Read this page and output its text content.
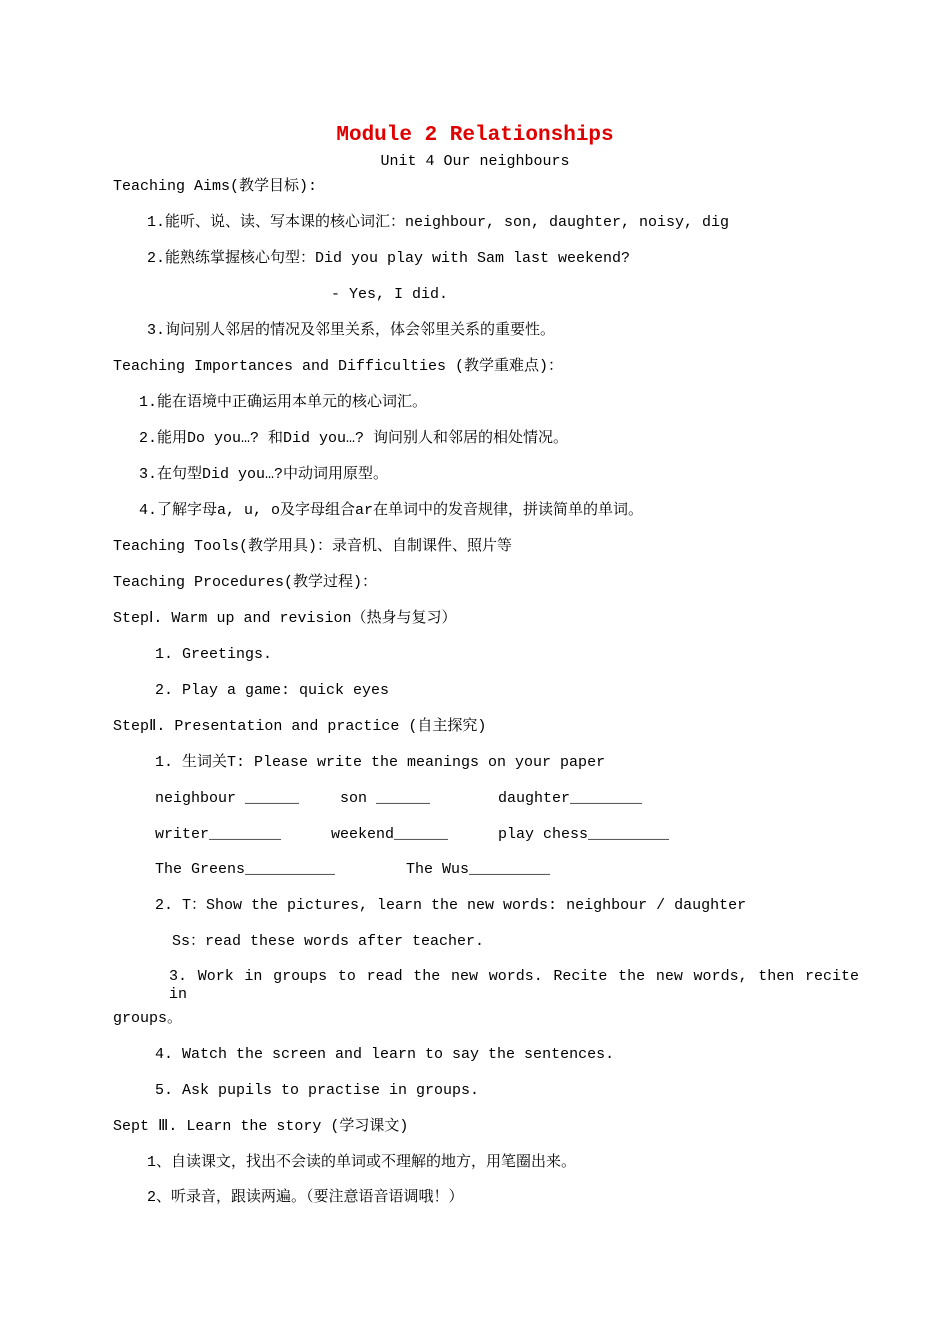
Module 2 Relationships
Unit 4 Our neighbours
Teaching Aims(教学目标):
1.能听、说、读、写本课的核心词汇：neighbour, son, daughter, noisy, dig
2.能熟练掌握核心句型：Did you play with Sam last weekend?
- Yes, I did.
3.询问别人邻居的情况及邻里关系，体会邻里关系的重要性。
Teaching Importances and Difficulties (教学重难点)：
1.能在语境中正确运用本单元的核心词汇。
2.能用Do you…? 和Did you…? 询问别人和邻居的相处情况。
3.在句型Did you…?中动词用原型。
4.了解字母a, u, o及字母组合ar在单词中的发音规律，拼读简单的单词。
Teaching Tools(教学用具)：录音机、自制课件、照片等
Teaching Procedures(教学过程)：
StepⅠ. Warm up and revision（热身与复习）
1. Greetings.
2. Play a game: quick eyes
StepⅡ. Presentation and practice (自主探究)
1. 生词关T: Please write the meanings on your paper
neighbour ______	son ______	daughter________
writer________	weekend______	play chess_________
The Greens__________	The Wus_________
2. T：Show the pictures, learn the new words: neighbour / daughter
Ss：read these words after teacher.
3. Work in groups to read the new words. Recite the new words, then recite in
groups。
4. Watch the screen and learn to say the sentences.
5. Ask pupils to practise in groups.
Sept Ⅲ. Learn the story (学习课文)
1、自读课文，找出不会读的单词或不理解的地方，用笔圈出来。
2、听录音，跟读两遍。（要注意语音语调哦！）
